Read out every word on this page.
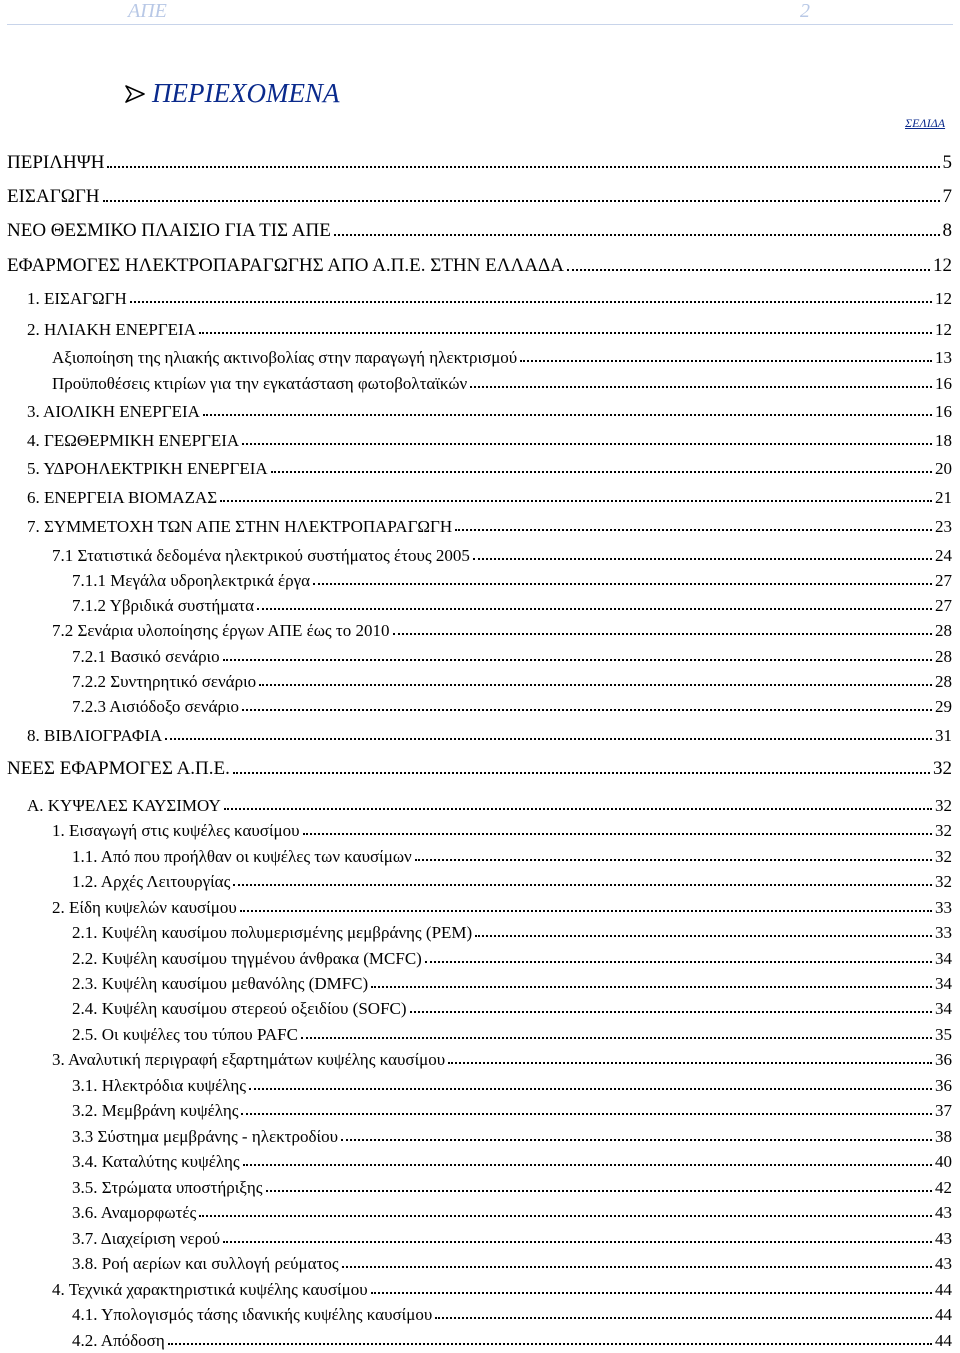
ΑΠΕ	2
ΠΕΡΙΕΧΟΜΕΝΑ
ΣΕΛΙΔΑ
ΠΕΡΙΛΗΨΗ	5
ΕΙΣΑΓΩΓΗ	7
ΝΕΟ ΘΕΣΜΙΚΟ ΠΛΑΙΣΙΟ ΓΙΑ ΤΙΣ ΑΠΕ	8
ΕΦΑΡΜΟΓΕΣ ΗΛΕΚΤΡΟΠΑΡΑΓΩΓΗΣ ΑΠΟ Α.Π.Ε. ΣΤΗΝ ΕΛΛΑΔΑ	12
1. ΕΙΣΑΓΩΓΗ	12
2. ΗΛΙΑΚΗ ΕΝΕΡΓΕΙΑ	12
Αξιοποίηση της ηλιακής ακτινοβολίας στην παραγωγή ηλεκτρισμού	13
Προϋποθέσεις κτιρίων για την εγκατάσταση φωτοβολταϊκών	16
3. ΑΙΟΛΙΚΗ ΕΝΕΡΓΕΙΑ	16
4. ΓΕΩΘΕΡΜΙΚΗ ΕΝΕΡΓΕΙΑ	18
5. ΥΔΡΟΗΛΕΚΤΡΙΚΗ ΕΝΕΡΓΕΙΑ	20
6. ΕΝΕΡΓΕΙΑ ΒΙΟΜΑΖΑΣ	21
7. ΣΥΜΜΕΤΟΧΗ ΤΩΝ ΑΠΕ ΣΤΗΝ ΗΛΕΚΤΡΟΠΑΡΑΓΩΓΗ	23
7.1 Στατιστικά δεδομένα ηλεκτρικού συστήματος έτους 2005	24
7.1.1 Μεγάλα υδροηλεκτρικά έργα	27
7.1.2 Υβριδικά συστήματα	27
7.2 Σενάρια υλοποίησης έργων ΑΠΕ έως το 2010	28
7.2.1 Βασικό σενάριο	28
7.2.2 Συντηρητικό σενάριο	28
7.2.3 Αισιόδοξο σενάριο	29
8. ΒΙΒΛΙΟΓΡΑΦΙΑ	31
ΝΕΕΣ ΕΦΑΡΜΟΓΕΣ Α.Π.Ε.	32
Α. ΚΥΨΕΛΕΣ ΚΑΥΣΙΜΟΥ	32
1. Εισαγωγή στις κυψέλες καυσίμου	32
1.1. Από που προήλθαν οι κυψέλες των καυσίμων	32
1.2. Αρχές Λειτουργίας	32
2. Είδη κυψελών καυσίμου	33
2.1. Κυψέλη καυσίμου πολυμερισμένης μεμβράνης (PEM)	33
2.2. Κυψέλη καυσίμου τηγμένου άνθρακα (MCFC)	34
2.3. Κυψέλη καυσίμου μεθανόλης (DMFC)	34
2.4. Κυψέλη καυσίμου στερεού οξειδίου (SOFC)	34
2.5. Οι κυψέλες του τύπου PAFC	35
3. Αναλυτική περιγραφή εξαρτημάτων κυψέλης καυσίμου	36
3.1. Ηλεκτρόδια κυψέλης	36
3.2. Μεμβράνη κυψέλης	37
3.3 Σύστημα μεμβράνης - ηλεκτροδίου	38
3.4. Καταλύτης κυψέλης	40
3.5. Στρώματα υποστήριξης	42
3.6. Αναμορφωτές	43
3.7. Διαχείριση νερού	43
3.8. Ροή αερίων και συλλογή ρεύματος	43
4. Τεχνικά χαρακτηριστικά κυψέλης καυσίμου	44
4.1. Υπολογισμός τάσης ιδανικής κυψέλης καυσίμου	44
4.2. Απόδοση	44
